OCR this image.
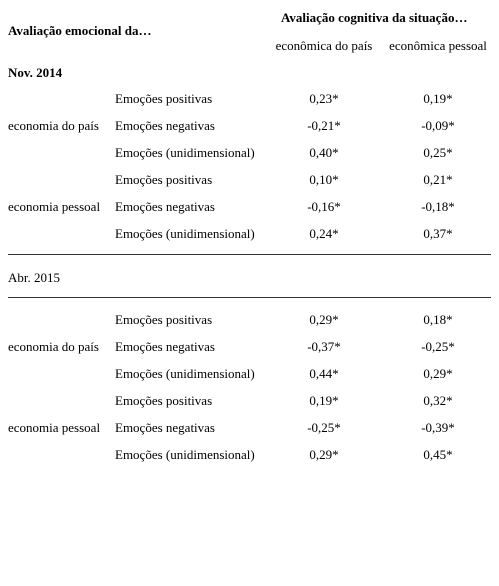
Avaliação emocional da…
Avaliação cognitiva da situação…
econômica do país	econômica pessoal
Nov. 2014
economia do país
Emoções positivas	0,23*	0,19*
Emoções negativas	-0,21*	-0,09*
Emoções (unidimensional)	0,40*	0,25*
economia pessoal
Emoções positivas	0,10*	0,21*
Emoções negativas	-0,16*	-0,18*
Emoções (unidimensional)	0,24*	0,37*
Abr. 2015
economia do país
Emoções positivas	0,29*	0,18*
Emoções negativas	-0,37*	-0,25*
Emoções (unidimensional)	0,44*	0,29*
economia pessoal
Emoções positivas	0,19*	0,32*
Emoções negativas	-0,25*	-0,39*
Emoções (unidimensional)	0,29*	0,45*
